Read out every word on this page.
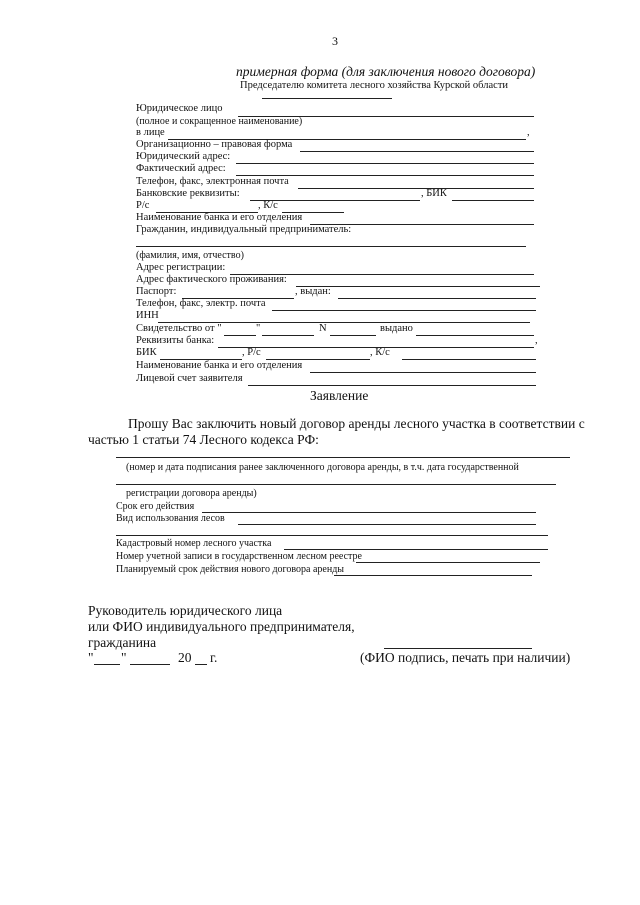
3
примерная форма (для заключения нового договора)
Председателю комитета лесного хозяйства Курской области
Юридическое лицо
(полное и сокращенное наименование)
в лице	,
Организационно – правовая форма
Юридический адрес:
Фактический адрес:
Телефон, факс, электронная почта
Банковские реквизиты:	, БИК
Р/с	, К/с
Наименование банка и его отделения
Гражданин, индивидуальный предприниматель:
(фамилия, имя, отчество)
Адрес регистрации:
Адрес фактического проживания:
Паспорт:	, выдан:
Телефон, факс, электр. почта
ИНН
Свидетельство от "	"	N	выдано
Реквизиты банка:	,
БИК	, Р/с	, К/с
Наименование банка и его отделения
Лицевой счет заявителя
Заявление
Прошу Вас заключить новый договор аренды лесного участка в соответствии с
частью 1 статьи 74 Лесного кодекса РФ:
(номер и дата подписания ранее заключенного договора аренды, в т.ч. дата государственной
регистрации договора аренды)
Срок его действия
Вид использования лесов
Кадастровый номер лесного участка
Номер учетной записи в государственном лесном реестре
Планируемый срок действия нового договора аренды
Руководитель юридического лица
или ФИО индивидуального предпринимателя,
гражданина
" "	20 г.	(ФИО подпись, печать при наличии)
